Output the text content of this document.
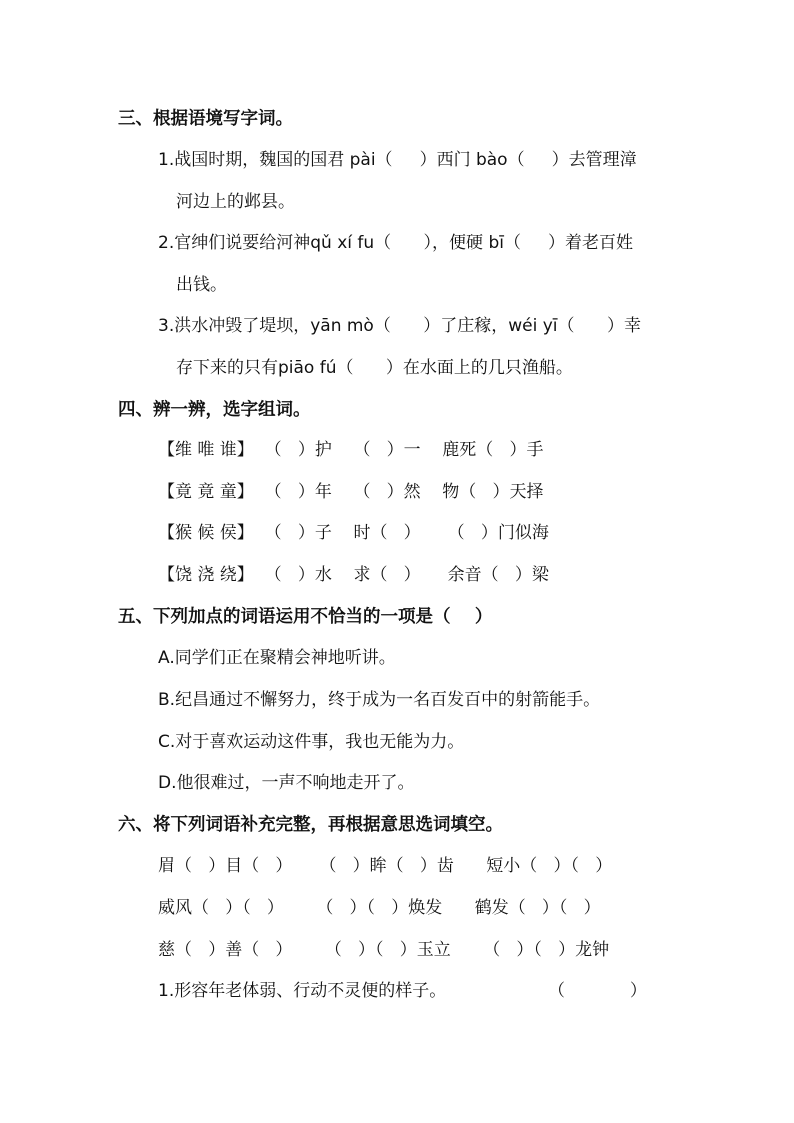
三、根据语境写字词。
1.战国时期，魏国的国君 pài（     ）西门 bào（     ）去管理漳
河边上的邺县。
2.官绅们说要给河神qǔ xí fu（      ），便硬 bī（     ）着老百姓
出钱。
3.洪水冲毁了堤坝，yān mò（      ）了庄稼，wéi yī（      ）幸
存下来的只有piāo fú（      ）在水面上的几只渔船。
四、辨一辨，选字组词。
【维 唯 谁】  （   ）护    （   ）一    鹿死（   ）手
【竟 竟 童】  （   ）年    （   ）然    物（   ）天择
【猴 候 侯】  （   ）子    时（   ）     （   ）门似海
【饶 浇 绕】  （   ）水    求（   ）     余音（   ）梁
五、下列加点的词语运用不恰当的一项是（    ）
A.同学们正在聚精会神地听讲。
B.纪昌通过不懈努力，终于成为一名百发百中的射箭能手。
C.对于喜欢运动这件事，我也无能为力。
D.他很难过，一声不响地走开了。
六、将下列词语补充完整，再根据意思选词填空。
眉（   ）目（   ）     （   ）眸（   ）齿      短小（   ）（   ）
威风（   ）（   ）      （   ）（   ）焕发      鹤发（   ）（   ）
慈（   ）善（   ）      （   ）（   ）玉立      （   ）（   ）龙钟
1.形容年老体弱、行动不灵便的样子。	（            ）
